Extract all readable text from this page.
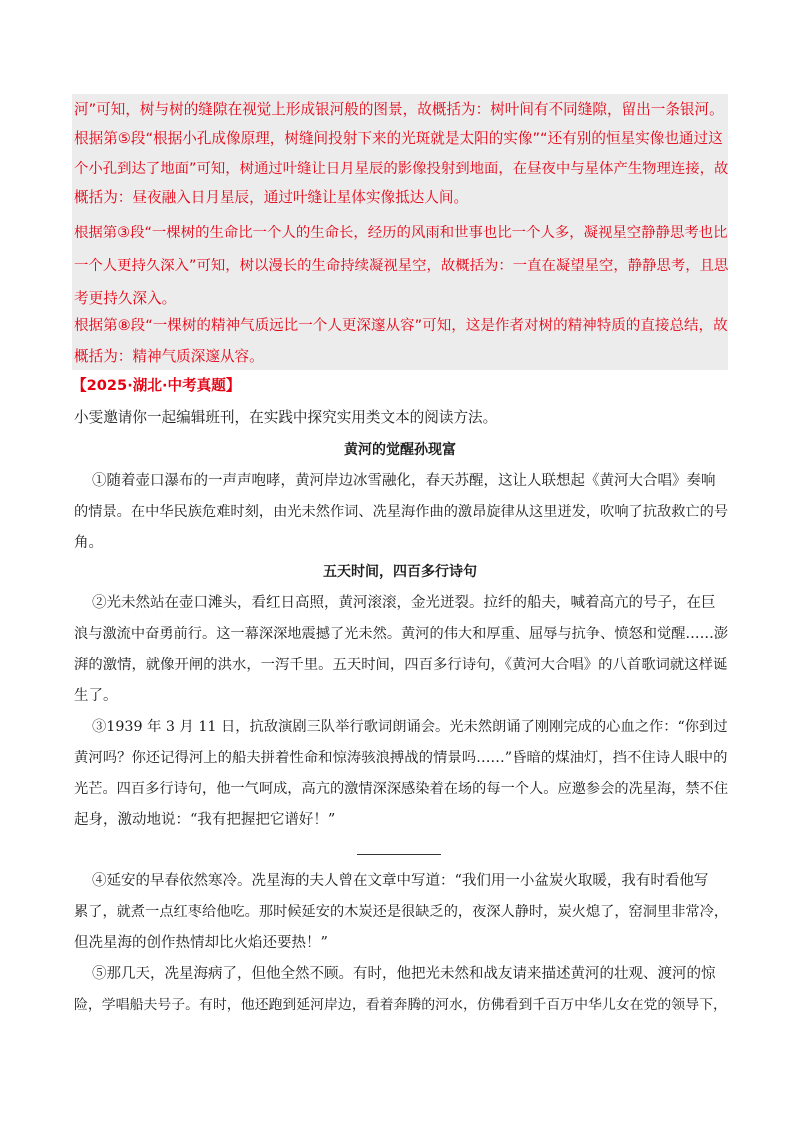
河”可知，树与树的缝隙在视觉上形成银河般的图景，故概括为：树叶间有不同缝隙，留出一条银河。
根据第⑤段“根据小孔成像原理，树缝间投射下来的光斑就是太阳的实像”“还有别的恒星实像也通过这
个小孔到达了地面”可知，树通过叶缝让日月星辰的影像投射到地面，在昼夜中与星体产生物理连接，故
概括为：昼夜融入日月星辰，通过叶缝让星体实像抵达人间。
根据第③段“一棵树的生命比一个人的生命长，经历的风雨和世事也比一个人多，凝视星空静静思考也比
一个人更持久深入”可知，树以漫长的生命持续凝视星空，故概括为：一直在凝望星空，静静思考，且思
考更持久深入。
根据第⑧段“一棵树的精神气质远比一个人更深邃从容”可知，这是作者对树的精神特质的直接总结，故
概括为：精神气质深邃从容。
【2025·湖北·中考真题】
小雯邀请你一起编辑班刊，在实践中探究实用类文本的阅读方法。
黄河的觉醒孙现富
①随着壶口瀑布的一声声咆哮，黄河岸边冰雪融化，春天苏醒，这让人联想起《黄河大合唱》奏响
的情景。在中华民族危难时刻，由光未然作词、冼星海作曲的激昂旋律从这里迸发，吹响了抗敌救亡的号
角。
五天时间，四百多行诗句
②光未然站在壶口滩头，看红日高照，黄河滚滚，金光迸裂。拉纤的船夫，喊着高亢的号子，在巨
浪与激流中奋勇前行。这一幕深深地震撼了光未然。黄河的伟大和厚重、屈辱与抗争、愤怒和觉醒……澎
湃的激情，就像开闸的洪水，一泻千里。五天时间，四百多行诗句，《黄河大合唱》的八首歌词就这样诞
生了。
③1939 年 3 月 11 日，抗敌演剧三队举行歌词朗诵会。光未然朗诵了刚刚完成的心血之作：“你到过
黄河吗？你还记得河上的船夫拼着性命和惊涛骇浪搏战的情景吗……”昏暗的煤油灯，挡不住诗人眼中的
光芒。四百多行诗句，他一气呵成，高亢的激情深深感染着在场的每一个人。应邀参会的冼星海，禁不住
起身，激动地说：“我有把握把它谱好！”
④延安的早春依然寒冷。冼星海的夫人曾在文章中写道：“我们用一小盆炭火取暖，我有时看他写
累了，就煮一点红枣给他吃。那时候延安的木炭还是很缺乏的，夜深人静时，炭火熄了，窑洞里非常冷，
但冼星海的创作热情却比火焰还要热！”
⑤那几天，冼星海病了，但他全然不顾。有时，他把光未然和战友请来描述黄河的壮观、渡河的惊
险，学唱船夫号子。有时，他还跑到延河岸边，看着奔腾的河水，仿佛看到千百万中华儿女在党的领导下，
